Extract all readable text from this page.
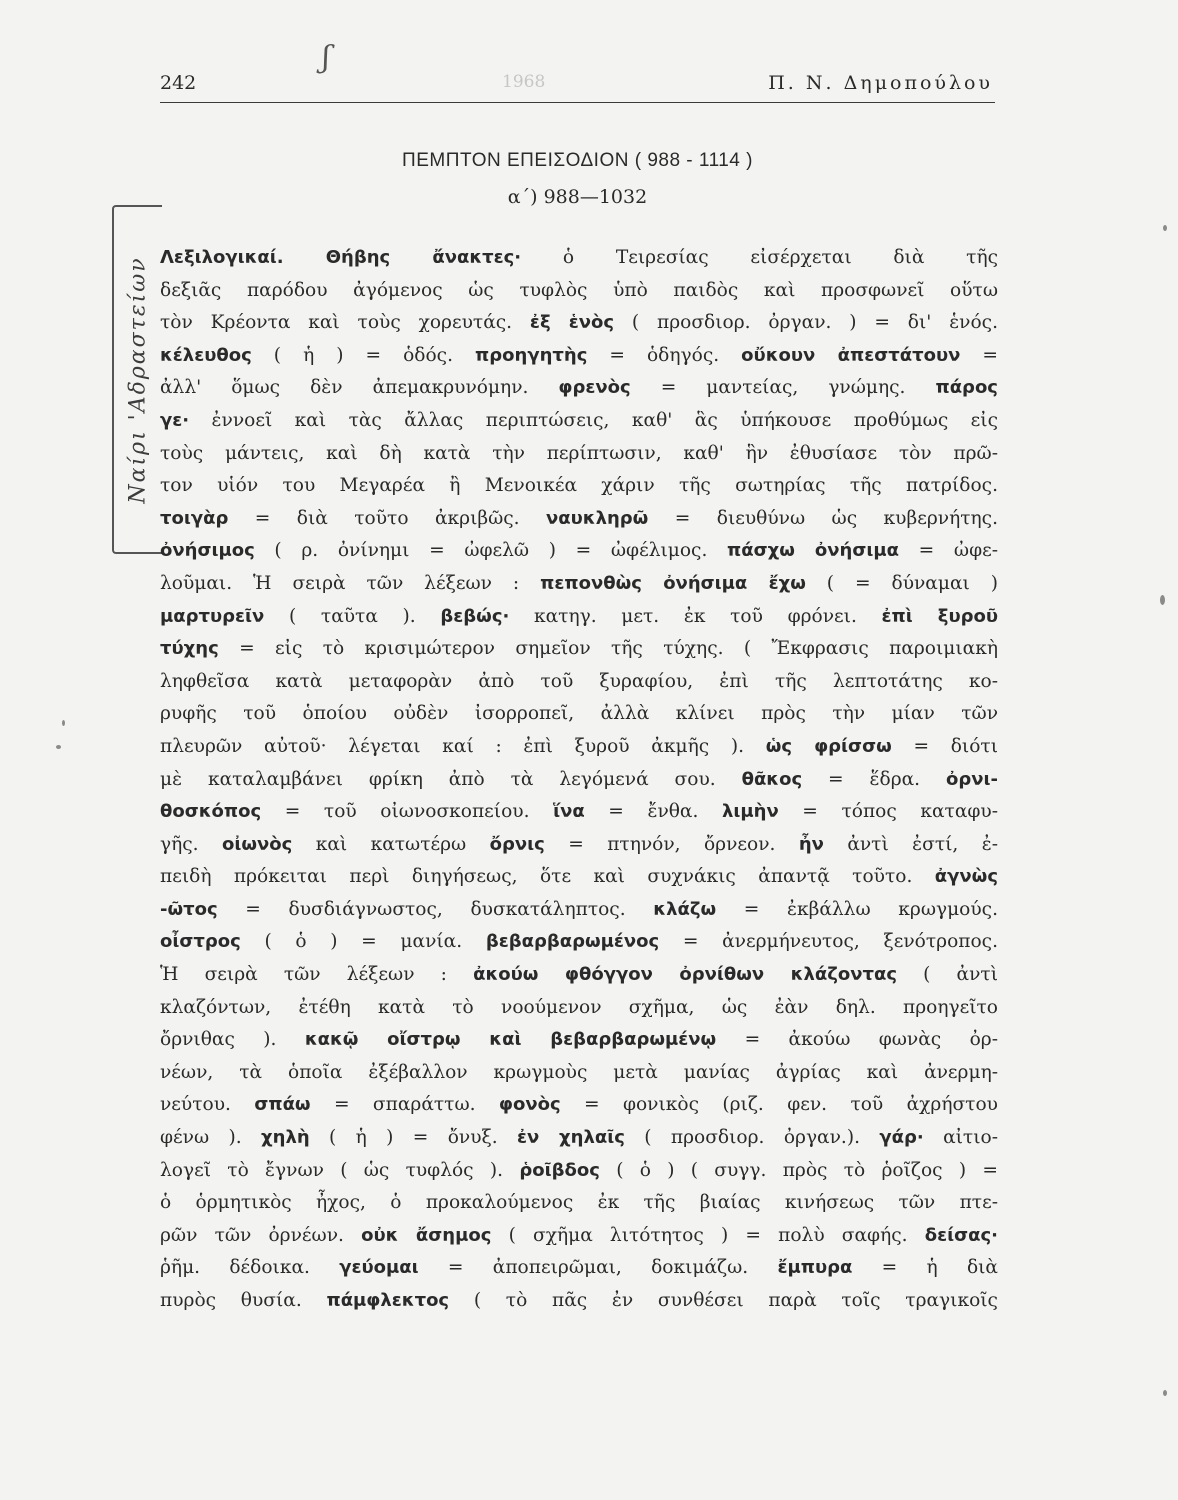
242	1968	Π. Ν. Δημοπούλου
ʃ
ΠΕΜΠΤΟΝ ΕΠΕΙΣΟΔΙΟΝ ( 988 - 1114 )
α΄) 988—1032
Ναίρι 'Αδραστείων Λεξιλογικαί. Θήβης ἄνακτες· ὁ Τειρεσίας εἰσέρχεται διὰ τῆς
δεξιᾶς παρόδου ἀγόμενος ὡς τυφλὸς ὑπὸ παιδὸς καὶ προσφωνεῖ οὕτω
τὸν Κρέοντα καὶ τοὺς χορευτάς. ἐξ ἑνὸς ( προσδιορ. ὀργαν. ) = δι' ἑνός.
κέλευθος ( ἡ ) = ὁδός. προηγητὴς = ὁδηγός. οὔκουν ἀπεστάτουν =
ἀλλ' ὅμως δὲν ἀπεμακρυνόμην. φρενὸς = μαντείας, γνώμης. πάρος
γε· ἐννοεῖ καὶ τὰς ἄλλας περιπτώσεις, καθ' ἃς ὑπήκουσε προθύμως εἰς
τοὺς μάντεις, καὶ δὴ κατὰ τὴν περίπτωσιν, καθ' ἣν ἐθυσίασε τὸν πρῶ-
τον υἱόν του Μεγαρέα ἢ Μενοικέα χάριν τῆς σωτηρίας τῆς πατρίδος.
τοιγὰρ = διὰ τοῦτο ἀκριβῶς. ναυκληρῶ = διευθύνω ὡς κυβερνήτης.
ὀνήσιμος ( ρ. ὀνίνημι = ὠφελῶ ) = ὠφέλιμος. πάσχω ὀνήσιμα = ὠφε-
λοῦμαι. Ἡ σειρὰ τῶν λέξεων : πεπονθὼς ὀνήσιμα ἔχω ( = δύναμαι )
μαρτυρεῖν ( ταῦτα ). βεβώς· κατηγ. μετ. ἐκ τοῦ φρόνει. ἐπὶ ξυροῦ
τύχης = εἰς τὸ κρισιμώτερον σημεῖον τῆς τύχης. ( Ἔκφρασις παροιμιακὴ
ληφθεῖσα κατὰ μεταφορὰν ἀπὸ τοῦ ξυραφίου, ἐπὶ τῆς λεπτοτάτης κο-
ρυφῆς τοῦ ὁποίου οὐδὲν ἰσορροπεῖ, ἀλλὰ κλίνει πρὸς τὴν μίαν τῶν
πλευρῶν αὐτοῦ· λέγεται καί : ἐπὶ ξυροῦ ἀκμῆς ). ὡς φρίσσω = διότι
μὲ καταλαμβάνει φρίκη ἀπὸ τὰ λεγόμενά σου. θᾶκος = ἕδρα. ὀρνι-
θοσκόπος = τοῦ οἰωνοσκοπείου. ἵνα = ἔνθα. λιμὴν = τόπος καταφυ-
γῆς. οἰωνὸς καὶ κατωτέρω ὄρνις = πτηνόν, ὄρνεον. ἦν ἀντὶ ἐστί, ἐ-
πειδὴ πρόκειται περὶ διηγήσεως, ὅτε καὶ συχνάκις ἀπαντᾷ τοῦτο. ἀγνὼς
-ῶτος = δυσδιάγνωστος, δυσκατάληπτος. κλάζω = ἐκβάλλω κρωγμούς.
οἶστρος ( ὁ ) = μανία. βεβαρβαρωμένος = ἀνερμήνευτος, ξενότροπος.
Ἡ σειρὰ τῶν λέξεων : ἀκούω φθόγγον ὀρνίθων κλάζοντας ( ἀντὶ
κλαζόντων, ἐτέθη κατὰ τὸ νοούμενον σχῆμα, ὡς ἐὰν δηλ. προηγεῖτο
ὄρνιθας ). κακῷ οἴστρῳ καὶ βεβαρβαρωμένῳ = ἀκούω φωνὰς ὀρ-
νέων, τὰ ὁποῖα ἐξέβαλλον κρωγμοὺς μετὰ μανίας ἀγρίας καὶ ἀνερμη-
νεύτου. σπάω = σπαράττω. φονὸς = φονικὸς (ριζ. φεν. τοῦ ἀχρήστου
φένω ). χηλὴ ( ἡ ) = ὄνυξ. ἐν χηλαῖς ( προσδιορ. ὀργαν.). γάρ· αἰτιο-
λογεῖ τὸ ἔγνων ( ὡς τυφλός ). ῥοῖβδος ( ὁ ) ( συγγ. πρὸς τὸ ῥοῖζος ) =
ὁ ὁρμητικὸς ἦχος, ὁ προκαλούμενος ἐκ τῆς βιαίας κινήσεως τῶν πτε-
ρῶν τῶν ὀρνέων. οὐκ ἄσημος ( σχῆμα λιτότητος ) = πολὺ σαφής. δείσας·
ῥῆμ. δέδοικα. γεύομαι = ἀποπειρῶμαι, δοκιμάζω. ἔμπυρα = ἡ διὰ
πυρὸς θυσία. πάμφλεκτος ( τὸ πᾶς ἐν συνθέσει παρὰ τοῖς τραγικοῖς
